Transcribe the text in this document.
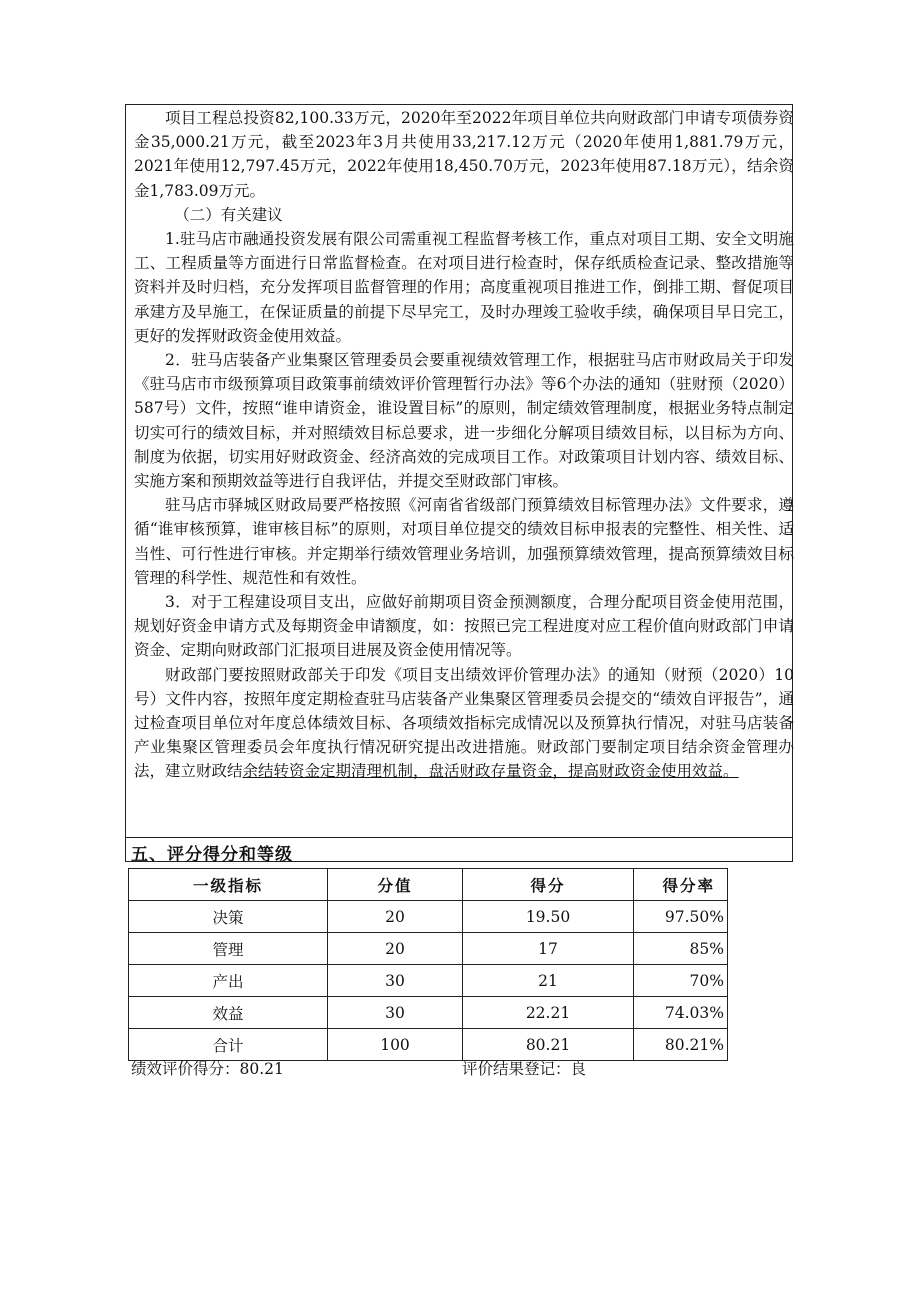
项目工程总投资82,100.33万元，2020年至2022年项目单位共向财政部门申请专项债券资金35,000.21万元，截至2023年3月共使用33,217.12万元（2020年使用1,881.79万元，2021年使用12,797.45万元，2022年使用18,450.70万元，2023年使用87.18万元），结余资金1,783.09万元。

（二）有关建议

1.驻马店市融通投资发展有限公司需重视工程监督考核工作，重点对项目工期、安全文明施工、工程质量等方面进行日常监督检查。在对项目进行检查时，保存纸质检查记录、整改措施等资料并及时归档，充分发挥项目监督管理的作用；高度重视项目推进工作，倒排工期、督促项目承建方及早施工，在保证质量的前提下尽早完工，及时办理竣工验收手续，确保项目早日完工，更好的发挥财政资金使用效益。

2．驻马店装备产业集聚区管理委员会要重视绩效管理工作，根据驻马店市财政局关于印发《驻马店市市级预算项目政策事前绩效评价管理暂行办法》等6个办法的通知（驻财预（2020）587号）文件，按照“谁申请资金，谁设置目标”的原则，制定绩效管理制度，根据业务特点制定切实可行的绩效目标，并对照绩效目标总要求，进一步细化分解项目绩效目标，以目标为方向、制度为依据，切实用好财政资金、经济高效的完成项目工作。对政策项目计划内容、绩效目标、实施方案和预期效益等进行自我评估，并提交至财政部门审核。

驻马店市驿城区财政局要严格按照《河南省省级部门预算绩效目标管理办法》文件要求，遵循“谁审核预算，谁审核目标”的原则，对项目单位提交的绩效目标申报表的完整性、相关性、适当性、可行性进行审核。并定期举行绩效管理业务培训，加强预算绩效管理，提高预算绩效目标管理的科学性、规范性和有效性。

3．对于工程建设项目支出，应做好前期项目资金预测额度，合理分配项目资金使用范围，规划好资金申请方式及每期资金申请额度，如：按照已完工程进度对应工程价值向财政部门申请资金、定期向财政部门汇报项目进展及资金使用情况等。

财政部门要按照财政部关于印发《项目支出绩效评价管理办法》的通知（财预（2020）10号）文件内容，按照年度定期检查驻马店装备产业集聚区管理委员会提交的“绩效自评报告”，通过检查项目单位对年度总体绩效目标、各项绩效指标完成情况以及预算执行情况，对驻马店装备产业集聚区管理委员会年度执行情况研究提出改进措施。财政部门要制定项目结余资金管理办法，建立财政结余结转资金定期清理机制，盘活财政存量资金，提高财政资金使用效益。

五、评分得分和等级
一级指标	分值	得分	得分率
决策	20	19.50	97.50%
管理	20	17	85%
产出	30	21	70%
效益	30	22.21	74.03%
合计	100	80.21	80.21%
绩效评价得分：80.21	评价结果登记：良
